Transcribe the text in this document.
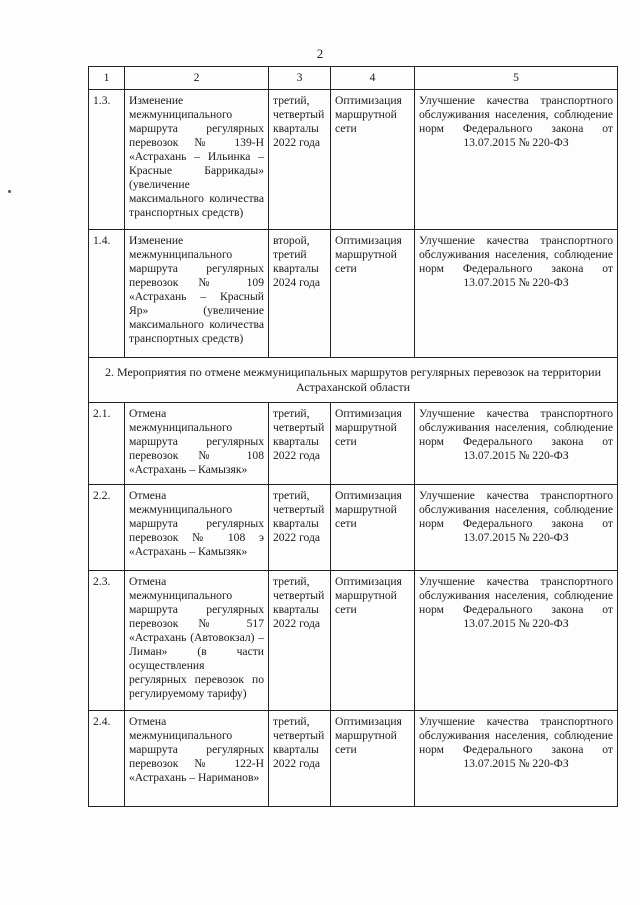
2
1	2	3	4	5
1.3.	Изменение межмуниципального маршрута регулярных перевозок № 139-Н «Астрахань – Ильинка – Красные Баррикады» (увеличение максимального количества транспортных средств)	третий, четвертый кварталы 2022 года	Оптимизация маршрутной сети	Улучшение качества транспортного обслуживания населения, соблюдение норм Федерального закона от 13.07.2015 № 220-ФЗ
1.4.	Изменение межмуниципального маршрута регулярных перевозок № 109 «Астрахань – Красный Яр» (увеличение максимального количества транспортных средств)	второй, третий кварталы 2024 года	Оптимизация маршрутной сети	Улучшение качества транспортного обслуживания населения, соблюдение норм Федерального закона от 13.07.2015 № 220-ФЗ
2. Мероприятия по отмене межмуниципальных маршрутов регулярных перевозок на территории Астраханской области				
2.1.	Отмена межмуниципального маршрута регулярных перевозок № 108 «Астрахань – Камызяк»	третий, четвертый кварталы 2022 года	Оптимизация маршрутной сети	Улучшение качества транспортного обслуживания населения, соблюдение норм Федерального закона от 13.07.2015 № 220-ФЗ
2.2.	Отмена межмуниципального маршрута регулярных перевозок № 108 э «Астрахань – Камызяк»	третий, четвертый кварталы 2022 года	Оптимизация маршрутной сети	Улучшение качества транспортного обслуживания населения, соблюдение норм Федерального закона от 13.07.2015 № 220-ФЗ
2.3.	Отмена межмуниципального маршрута регулярных перевозок № 517 «Астрахань (Автовокзал) – Лиман» (в части осуществления регулярных перевозок по регулируемому тарифу)	третий, четвертый кварталы 2022 года	Оптимизация маршрутной сети	Улучшение качества транспортного обслуживания населения, соблюдение норм Федерального закона от 13.07.2015 № 220-ФЗ
2.4.	Отмена межмуниципального маршрута регулярных перевозок № 122-Н «Астрахань – Нариманов»	третий, четвертый кварталы 2022 года	Оптимизация маршрутной сети	Улучшение качества транспортного обслуживания населения, соблюдение норм Федерального закона от 13.07.2015 № 220-ФЗ
